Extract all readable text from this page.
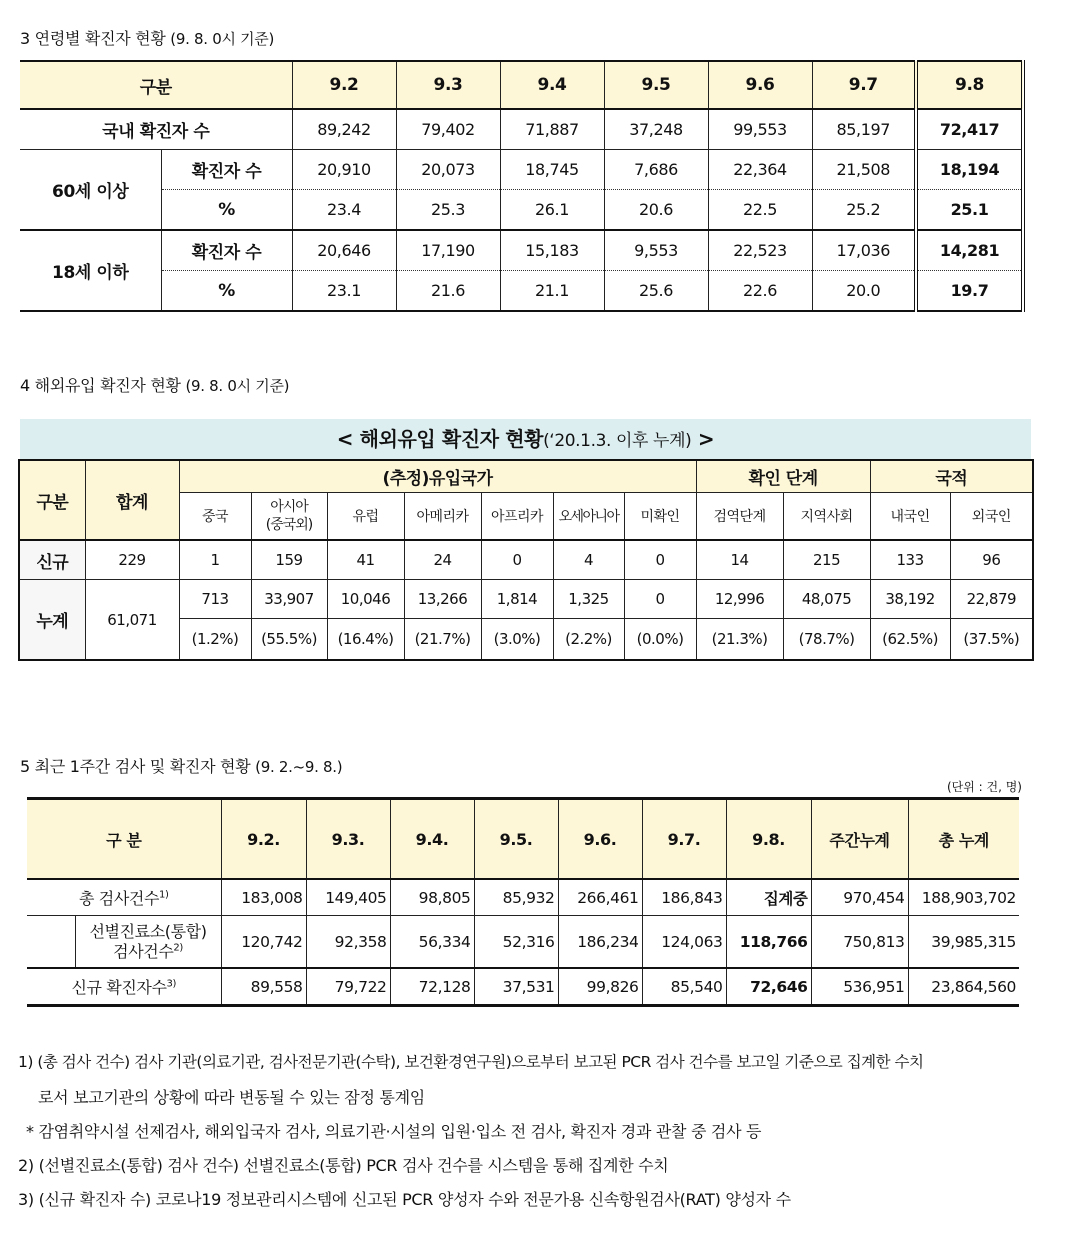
3 연령별 확진자 현황 (9. 8. 0시 기준)
구분		9.2	9.3	9.4	9.5	9.6	9.7	9.8
국내 확진자 수		89,242	79,402	71,887	37,248	99,553	85,197	72,417
60세 이상	확진자 수	20,910	20,073	18,745	7,686	22,364	21,508	18,194
	%	23.4	25.3	26.1	20.6	22.5	25.2	25.1
18세 이하	확진자 수	20,646	17,190	15,183	9,553	22,523	17,036	14,281
	%	23.1	21.6	21.1	25.6	22.6	20.0	19.7
4 해외유입 확진자 현황 (9. 8. 0시 기준)
< 해외유입 확진자 현황(‘20.1.3. 이후 누계) >
구분	합계	(추정)유입국가							확인 단계		국적	
		중국	아시아
(중국외)	유럽	아메리카	아프리카	오세아니아	미확인	검역단계	지역사회	내국인	외국인
신규	229	1	159	41	24	0	4	0	14	215	133	96
누계	61,071	713	33,907	10,046	13,266	1,814	1,325	0	12,996	48,075	38,192	22,879
		(1.2%)	(55.5%)	(16.4%)	(21.7%)	(3.0%)	(2.2%)	(0.0%)	(21.3%)	(78.7%)	(62.5%)	(37.5%)
5 최근 1주간 검사 및 확진자 현황 (9. 2.~9. 8.)
(단위 : 건, 명)
구 분		9.2.	9.3.	9.4.	9.5.	9.6.	9.7.	9.8.	주간누계	총 누계
총 검사건수$^{1)}$		183,008	149,405	98,805	85,932	266,461	186,843	집계중	970,454	188,903,702
	선별진료소(통합)
검사건수$^{2)}$	120,742	92,358	56,334	52,316	186,234	124,063	118,766	750,813	39,985,315
신규 확진자수$^{3)}$		89,558	79,722	72,128	37,531	99,826	85,540	72,646	536,951	23,864,560
1) (총 검사 건수) 검사 기관(의료기관, 검사전문기관(수탁), 보건환경연구원)으로부터 보고된 PCR 검사 건수를 보고일 기준으로 집계한 수치
로서 보고기관의 상황에 따라 변동될 수 있는 잠정 통계임
* 감염취약시설 선제검사, 해외입국자 검사, 의료기관·시설의 입원·입소 전 검사, 확진자 경과 관찰 중 검사 등
2) (선별진료소(통합) 검사 건수) 선별진료소(통합) PCR 검사 건수를 시스템을 통해 집계한 수치
3) (신규 확진자 수) 코로나19 정보관리시스템에 신고된 PCR 양성자 수와 전문가용 신속항원검사(RAT) 양성자 수
